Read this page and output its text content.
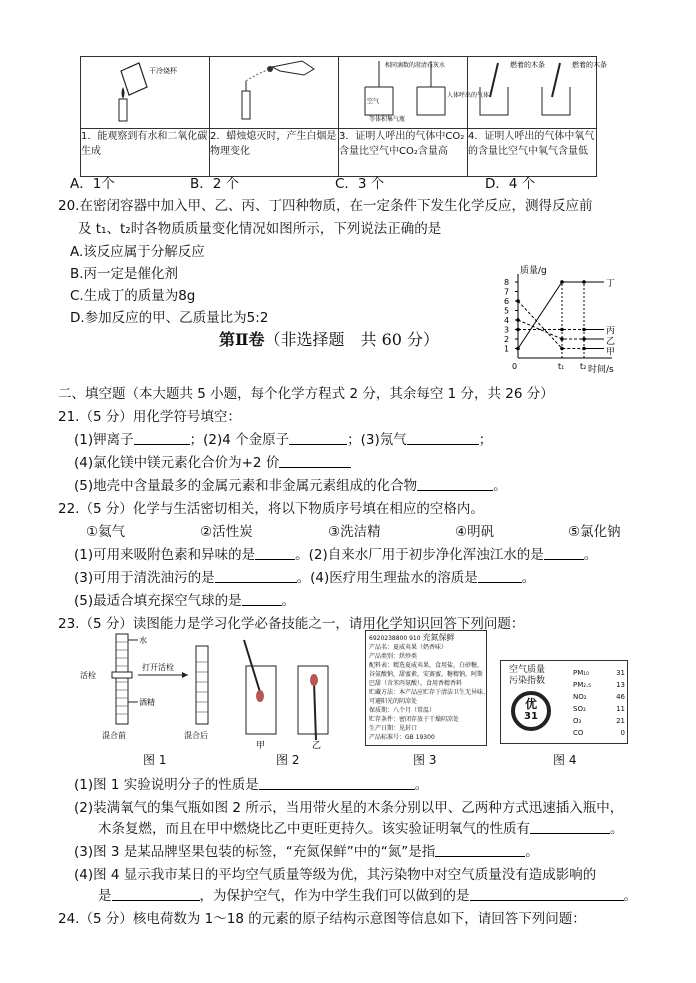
干冷烧杯		相同滴数的澄清石灰水
空气
人体呼出的气体
等体积集气瓶	燃着的木条 燃着的木条

1．能观察到有水和二氧化碳生成	2．蜡烛熄灭时，产生白烟是物理变化	3．证明人呼出的气体中CO₂含量比空气中CO₂含量高	4．证明人呼出的气体中氧气的含量比空气中氧气含量低
A．1个	B．2 个	C．3 个	D．4 个
20.在密闭容器中加入甲、乙、丙、丁四种物质，在一定条件下发生化学反应，测得反应前
及 t₁、t₂时各物质质量变化情况如图所示，下列说法正确的是
A.该反应属于分解反应
B.丙一定是催化剂
C.生成丁的质量为8g
D.参加反应的甲、乙质量比为5:2
质量/g
时间/s
1
2
3
4
5
6
7
8
0	t₁ t₂
丁
丙
乙
甲
第Ⅱ卷（非选择题　共 60 分）
二、填空题（本大题共 5 小题，每个化学方程式 2 分，其余每空 1 分，共 26 分）
21.（5 分）用化学符号填空：
(1)钾离子	；(2)4 个金原子	；(3)氖气	；
(4)氯化镁中镁元素化合价为+2 价
(5)地壳中含量最多的金属元素和非金属元素组成的化合物	。
22.（5 分）化学与生活密切相关，将以下物质序号填在相应的空格内。
①氦气	②活性炭	③洗洁精	④明矾	⑤氯化钠
(1)可用来吸附色素和异味的是	。(2)自来水厂用于初步净化浑浊江水的是	。
(3)可用于清洗油污的是	。(4)医疗用生理盐水的溶质是	。
(5)最适合填充探空气球的是	。
23.（5 分）读图能力是学习化学必备技能之一，请用化学知识回答下列问题：
水
活栓
打开活栓
酒精
混合前	混合后
图 1
甲	乙
图 2
6920238800 910 充氮保鲜
产品名：夏威夷果（奶香味）
产品类别：烘炒类
配料表：精选夏威夷果，食用盐，白砂糖，
谷氨酸钠，甜蜜素，安赛蜜，糖精钠，阿斯
巴甜（含苯丙氨酸），食用香精香料
贮藏方法：本产品应贮存于清洁卫生无异味、
可避阳光的阴凉处
保质期：八个月（常温）
贮存条件：密闭存放于干燥阴凉处
生产日期：见封口
产品标准号：GB 19300
图 3
空气质量
污染指数
优
31
PM₁₀	31
PM₂.₅	13
NO₂	46
SO₂	11
O₃	21
CO	0
图 4
(1)图 1 实验说明分子的性质是	。
(2)装满氧气的集气瓶如图 2 所示，当用带火星的木条分别以甲、乙两种方式迅速插入瓶中，
木条复燃，而且在甲中燃烧比乙中更旺更持久。该实验证明氧气的性质有	。
(3)图 3 是某品牌坚果包装的标签，“充氮保鲜”中的“氮”是指	。
(4)图 4 显示我市某日的平均空气质量等级为优，其污染物中对空气质量没有造成影响的
是	，为保护空气，作为中学生我们可以做到的是	。
24.（5 分）核电荷数为 1～18 的元素的原子结构示意图等信息如下，请回答下列问题：
